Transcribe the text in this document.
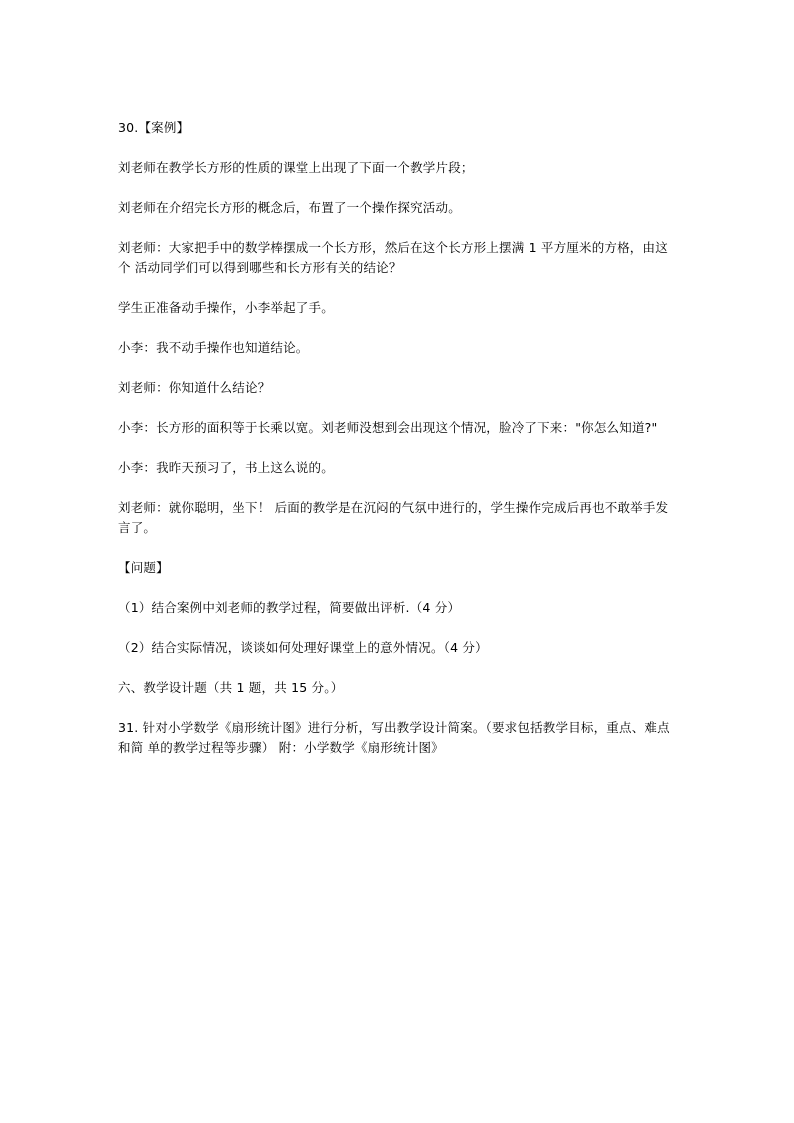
30.【案例】

刘老师在教学长方形的性质的课堂上出现了下面一个教学片段；

刘老师在介绍完长方形的概念后，布置了一个操作探究活动。

刘老师：大家把手中的数学棒摆成一个长方形，然后在这个长方形上摆满 1 平方厘米的方格，由这个 活动同学们可以得到哪些和长方形有关的结论？

学生正准备动手操作，小李举起了手。

小李：我不动手操作也知道结论。

刘老师：你知道什么结论？

小李：长方形的面积等于长乘以宽。刘老师没想到会出现这个情况，脸冷了下来："你怎么知道?"

小李：我昨天预习了，书上这么说的。

刘老师：就你聪明，坐下！ 后面的教学是在沉闷的气氛中进行的，学生操作完成后再也不敢举手发言了。

【问题】

（1）结合案例中刘老师的教学过程，简要做出评析.（4 分）

（2）结合实际情况，谈谈如何处理好课堂上的意外情况。（4 分）

六、教学设计题（共 1 题，共 15 分。）

31. 针对小学数学《扇形统计图》进行分析，写出教学设计简案。（要求包括教学目标，重点、难点和简 单的教学过程等步骤） 附：小学数学《扇形统计图》
